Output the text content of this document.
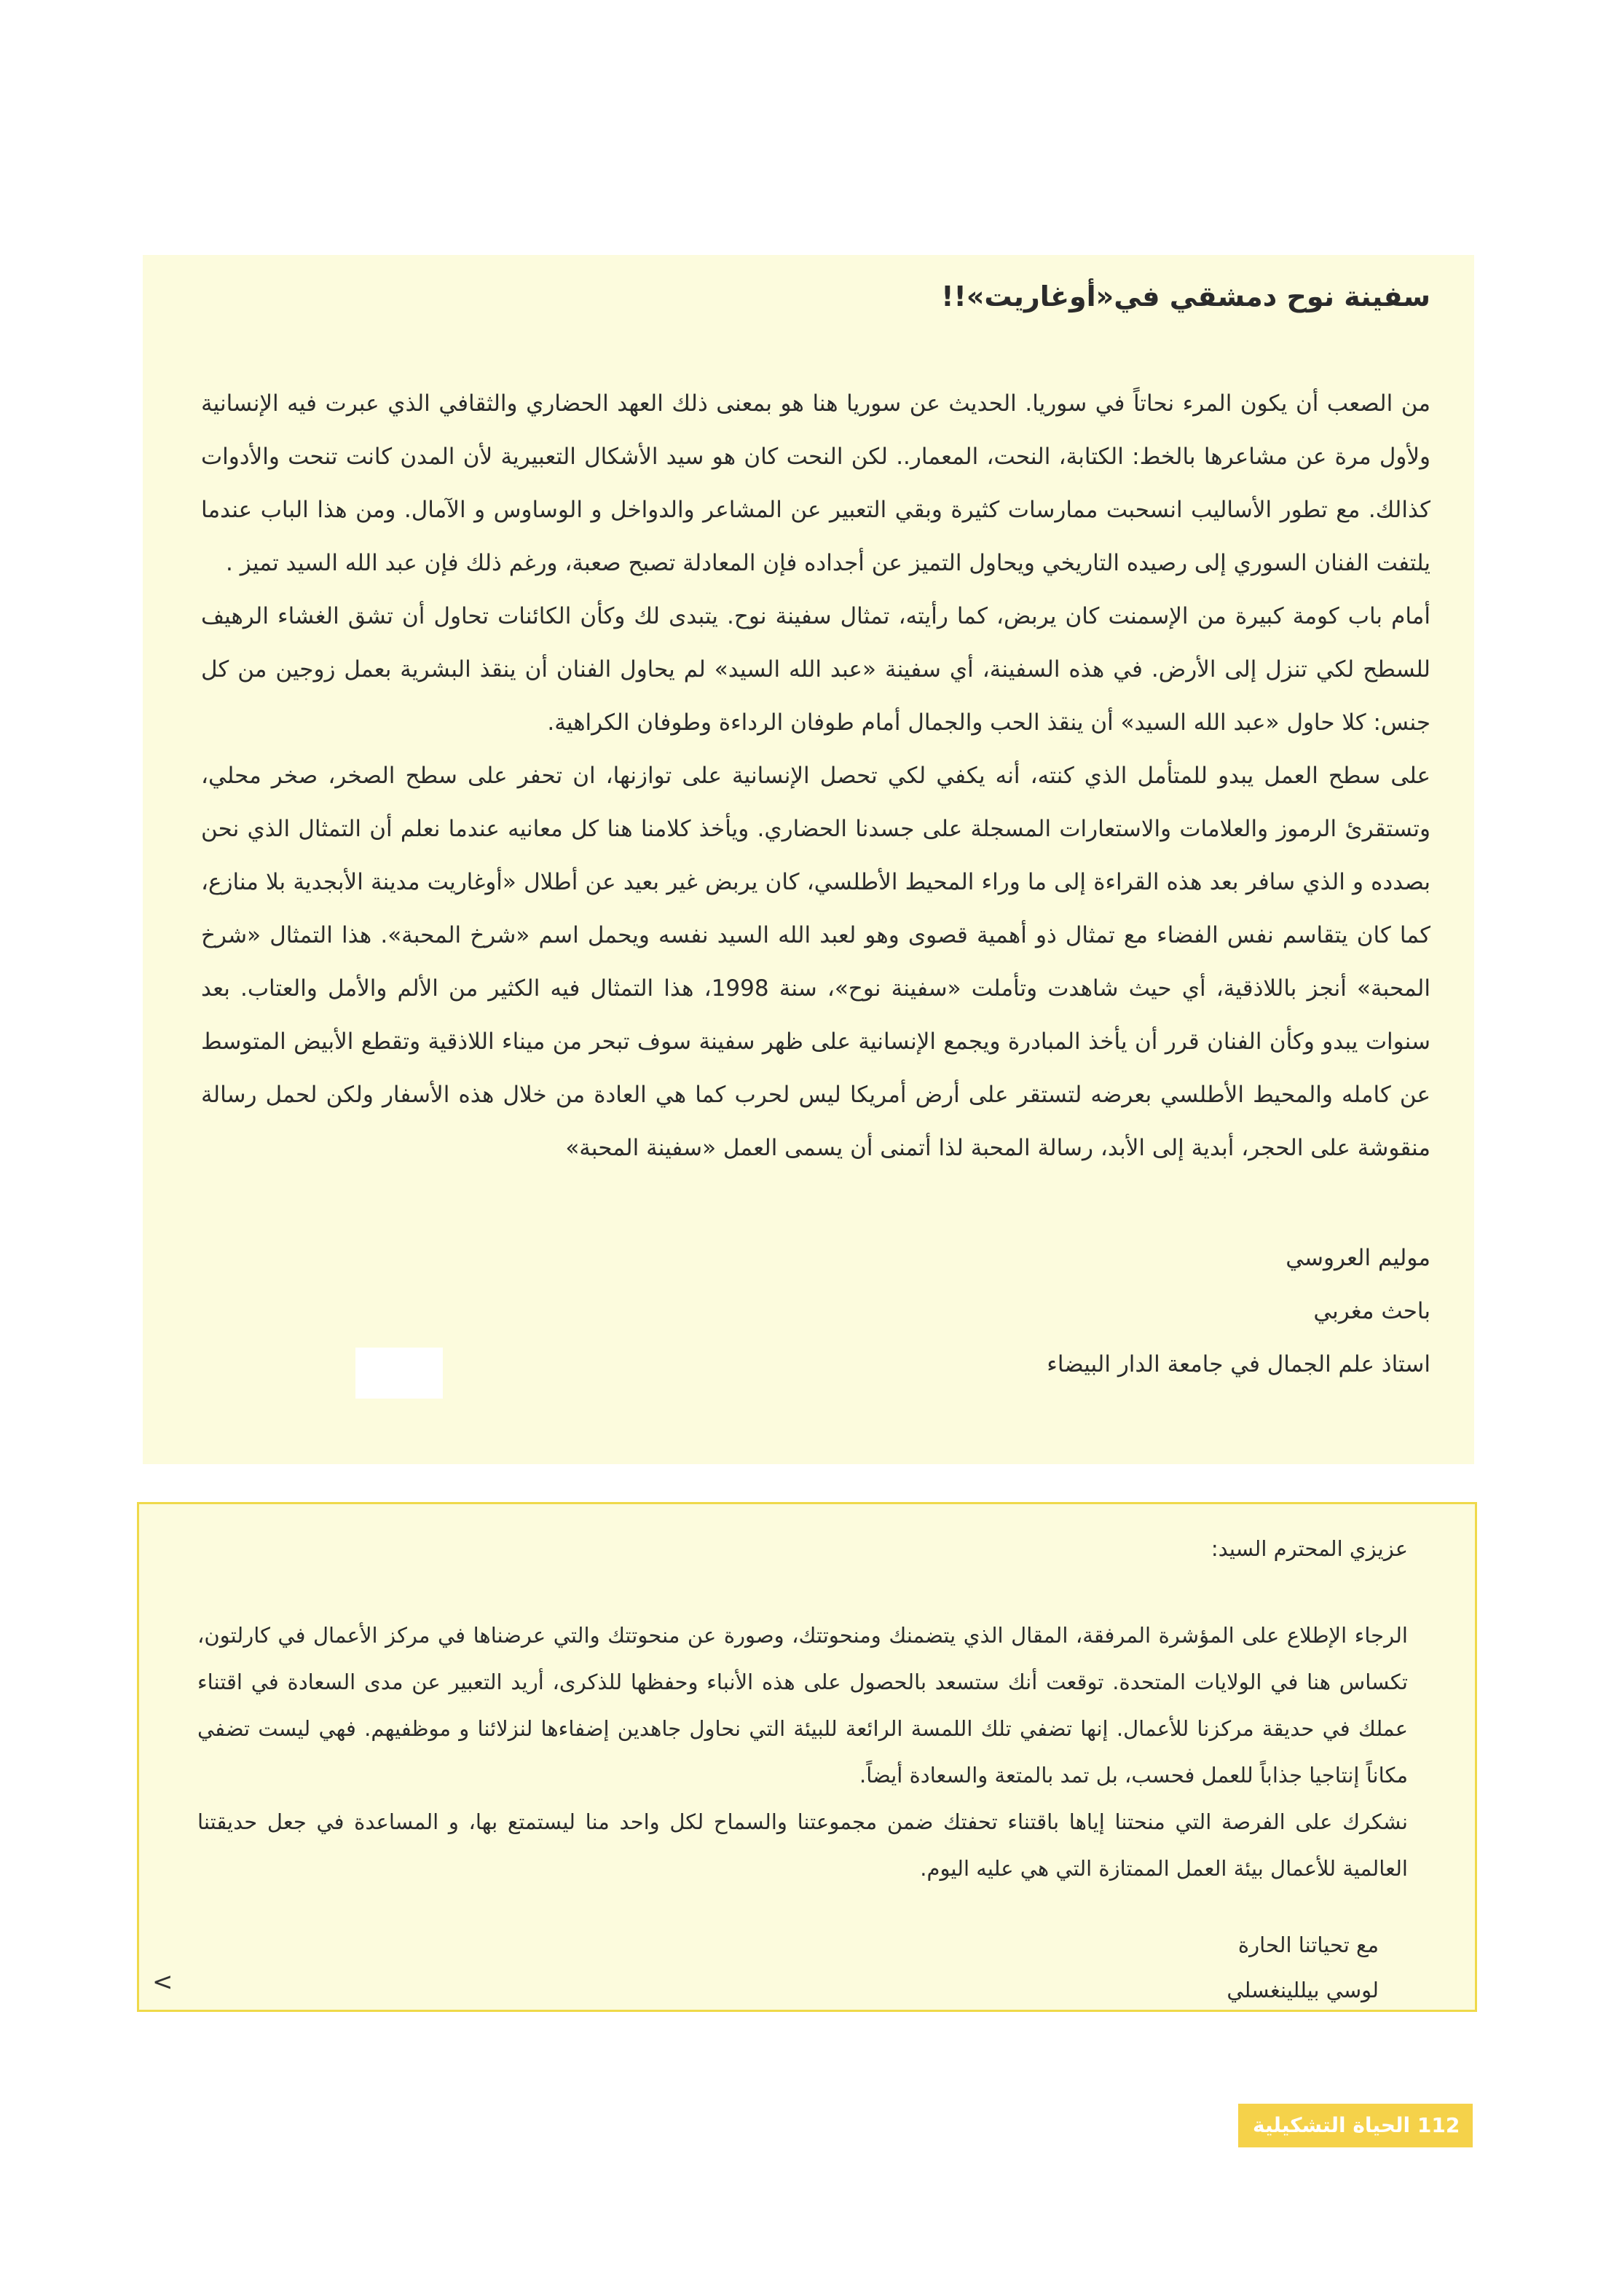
سفينة نوح دمشقي في«أوغاريت»!!

من الصعب أن يكون المرء نحاتاً في سوريا. الحديث عن سوريا هنا هو بمعنى ذلك العهد الحضاري والثقافي الذي عبرت فيه الإنسانية ولأول مرة عن مشاعرها بالخط: الكتابة، النحت، المعمار.. لكن النحت كان هو سيد الأشكال التعبيرية لأن المدن كانت تنحت والأدوات كذالك. مع تطور الأساليب انسحبت ممارسات كثيرة وبقي التعبير عن المشاعر والدواخل و الوساوس و الآمال. ومن هذا الباب عندما يلتفت الفنان السوري إلى رصيده التاريخي ويحاول التميز عن أجداده فإن المعادلة تصبح صعبة، ورغم ذلك فإن عبد الله السيد تميز .

أمام باب كومة كبيرة من الإسمنت كان يربض، كما رأيته، تمثال سفينة نوح. يتبدى لك وكأن الكائنات تحاول أن تشق الغشاء الرهيف للسطح لكي تنزل إلى الأرض. في هذه السفينة، أي سفينة «عبد الله السيد» لم يحاول الفنان أن ينقذ البشرية بعمل زوجين من كل جنس: كلا حاول «عبد الله السيد» أن ينقذ الحب والجمال أمام طوفان الرداءة وطوفان الكراهية.

على سطح العمل يبدو للمتأمل الذي كنته، أنه يكفي لكي تحصل الإنسانية على توازنها، ان تحفر على سطح الصخر، صخر محلي، وتستقرئ الرموز والعلامات والاستعارات المسجلة على جسدنا الحضاري. ويأخذ كلامنا هنا كل معانيه عندما نعلم أن التمثال الذي نحن بصدده و الذي سافر بعد هذه القراءة إلى ما وراء المحيط الأطلسي، كان يربض غير بعيد عن أطلال «أوغاريت مدينة الأبجدية بلا منازع، كما كان يتقاسم نفس الفضاء مع تمثال ذو أهمية قصوى وهو لعبد الله السيد نفسه ويحمل اسم «شرخ المحبة». هذا التمثال «شرخ المحبة» أنجز باللاذقية، أي حيث شاهدت وتأملت «سفينة نوح»، سنة 1998، هذا التمثال فيه الكثير من الألم والأمل والعتاب. بعد سنوات يبدو وكأن الفنان قرر أن يأخذ المبادرة ويجمع الإنسانية على ظهر سفينة سوف تبحر من ميناء اللاذقية وتقطع الأبيض المتوسط عن كامله والمحيط الأطلسي بعرضه لتستقر على أرض أمريكا ليس لحرب كما هي العادة من خلال هذه الأسفار ولكن لحمل رسالة منقوشة على الحجر، أبدية إلى الأبد، رسالة المحبة لذا أتمنى أن يسمى العمل «سفينة المحبة»

موليم العروسي
باحث مغربي
استاذ علم الجمال في جامعة الدار البيضاء

عزيزي المحترم السيد:

الرجاء الإطلاع على المؤشرة المرفقة، المقال الذي يتضمنك ومنحوتتك، وصورة عن منحوتتك والتي عرضناها في مركز الأعمال في كارلتون، تكساس هنا في الولايات المتحدة. توقعت أنك ستسعد بالحصول على هذه الأنباء وحفظها للذكرى، أريد التعبير عن مدى السعادة في اقتناء عملك في حديقة مركزنا للأعمال. إنها تضفي تلك اللمسة الرائعة للبيئة التي نحاول جاهدين إضفاءها لنزلائنا و موظفيهم. فهي ليست تضفي مكاناً إنتاجيا جذاباً للعمل فحسب، بل تمد بالمتعة والسعادة أيضاً.

نشكرك على الفرصة التي منحتنا إياها باقتناء تحفتك ضمن مجموعتنا والسماح لكل واحد منا ليستمتع بها، و المساعدة في جعل حديقتنا العالمية للأعمال بيئة العمل الممتازة التي هي عليه اليوم.

مع تحياتنا الحارة
لوسي بيللينغسلي
>
112 الحياة التشكيلية
